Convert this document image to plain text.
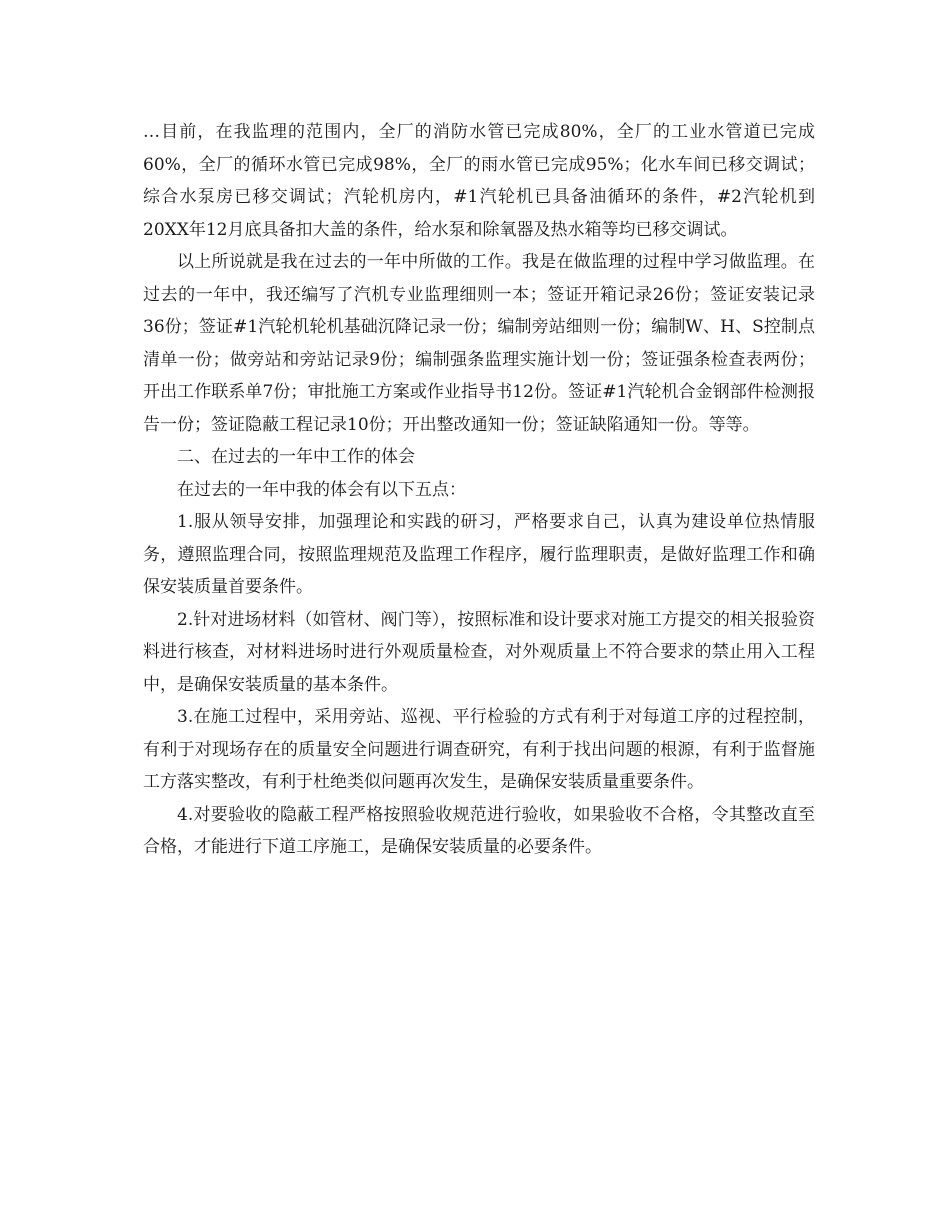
…目前，在我监理的范围内，全厂的消防水管已完成80%，全厂的工业水管道已完成60%，全厂的循环水管已完成98%，全厂的雨水管已完成95%；化水车间已移交调试；综合水泵房已移交调试；汽轮机房内，#1汽轮机已具备油循环的条件，#2汽轮机到20XX年12月底具备扣大盖的条件，给水泵和除氧器及热水箱等均已移交调试。

以上所说就是我在过去的一年中所做的工作。我是在做监理的过程中学习做监理。在过去的一年中，我还编写了汽机专业监理细则一本；签证开箱记录26份；签证安装记录36份；签证#1汽轮机轮机基础沉降记录一份；编制旁站细则一份；编制W、H、S控制点清单一份；做旁站和旁站记录9份；编制强条监理实施计划一份；签证强条检查表两份；开出工作联系单7份；审批施工方案或作业指导书12份。签证#1汽轮机合金钢部件检测报告一份；签证隐蔽工程记录10份；开出整改通知一份；签证缺陷通知一份。等等。

二、在过去的一年中工作的体会

在过去的一年中我的体会有以下五点：

1.服从领导安排，加强理论和实践的研习，严格要求自己，认真为建设单位热情服务，遵照监理合同，按照监理规范及监理工作程序，履行监理职责，是做好监理工作和确保安装质量首要条件。

2.针对进场材料（如管材、阀门等），按照标准和设计要求对施工方提交的相关报验资料进行核查，对材料进场时进行外观质量检查，对外观质量上不符合要求的禁止用入工程中，是确保安装质量的基本条件。

3.在施工过程中，采用旁站、巡视、平行检验的方式有利于对每道工序的过程控制，有利于对现场存在的质量安全问题进行调查研究，有利于找出问题的根源，有利于监督施工方落实整改，有利于杜绝类似问题再次发生，是确保安装质量重要条件。

4.对要验收的隐蔽工程严格按照验收规范进行验收，如果验收不合格，令其整改直至合格，才能进行下道工序施工，是确保安装质量的必要条件。
